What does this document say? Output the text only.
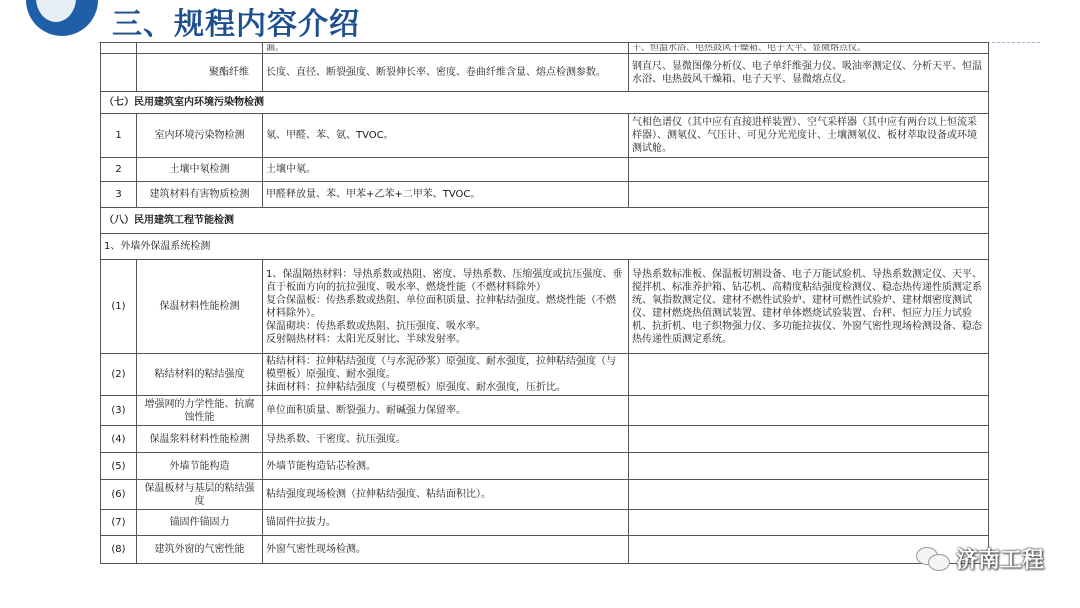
三、规程内容介绍

		漏。	干、恒温水浴、电热鼓风干燥箱、电子天平、显微熔点仪。

	聚酯纤维	长度、直径、断裂强度、断裂伸长率、密度、卷曲纤维含量、熔点检测参数。	钢直尺、显微图像分析仪、电子单纤维强力仪、吸油率测定仪、分析天平、恒温水浴、电热鼓风干燥箱、电子天平、显微熔点仪。
（七）民用建筑室内环境污染物检测			
1	室内环境污染物检测	氡、甲醛、苯、氨、TVOC。	气相色谱仪（其中应有直接进样装置）、空气采样器（其中应有两台以上恒流采样器）、测氡仪、气压计、可见分光光度计、土壤测氡仪、板材萃取设备或环境测试舱。
2	土壤中氡检测	土壤中氡。	
3	建筑材料有害物质检测	甲醛释放量、苯、甲苯+乙苯+二甲苯、TVOC。	
（八）民用建筑工程节能检测			
1、外墙外保温系统检测			
(1)	保温材料性能检测	1、保温隔热材料：导热系数或热阻、密度、导热系数、压缩强度或抗压强度、垂直于板面方向的抗拉强度、吸水率、燃烧性能（不燃材料除外）
复合保温板：传热系数或热阻、单位面积质量、拉伸粘结强度、燃烧性能（不燃材料除外）。
保温砌块：传热系数或热阻、抗压强度、吸水率。
反射隔热材料：太阳光反射比、半球发射率。	导热系数标准板、保温板切割设备、电子万能试验机、导热系数测定仪、天平、搅拌机、标准养护箱、钻芯机、高精度粘结强度检测仪、稳态热传递性质测定系统、氧指数测定仪、建材不燃性试验炉、建材可燃性试验炉、建材烟密度测试仪、建材燃烧热值测试装置、建材单体燃烧试验装置、台秤、恒应力压力试验机、抗折机、电子织物强力仪、多功能拉拔仪、外窗气密性现场检测设备、稳态热传递性质测定系统。
(2)	粘结材料的粘结强度	粘结材料：拉伸粘结强度（与水泥砂浆）原强度、耐水强度，拉伸粘结强度（与模塑板）原强度、耐水强度。
抹面材料：拉伸粘结强度（与模塑板）原强度、耐水强度，压折比。	
(3)	增强网的力学性能、抗腐蚀性能	单位面积质量、断裂强力、耐碱强力保留率。	
(4)	保温浆料材料性能检测	导热系数、干密度、抗压强度。	
(5)	外墙节能构造	外墙节能构造钻芯检测。	
(6)	保温板材与基层的粘结强度	粘结强度现场检测（拉伸粘结强度、粘结面积比）。	
(7)	锚固件锚固力	锚固件拉拔力。	
(8)	建筑外窗的气密性能	外窗气密性现场检测。		济南工程
